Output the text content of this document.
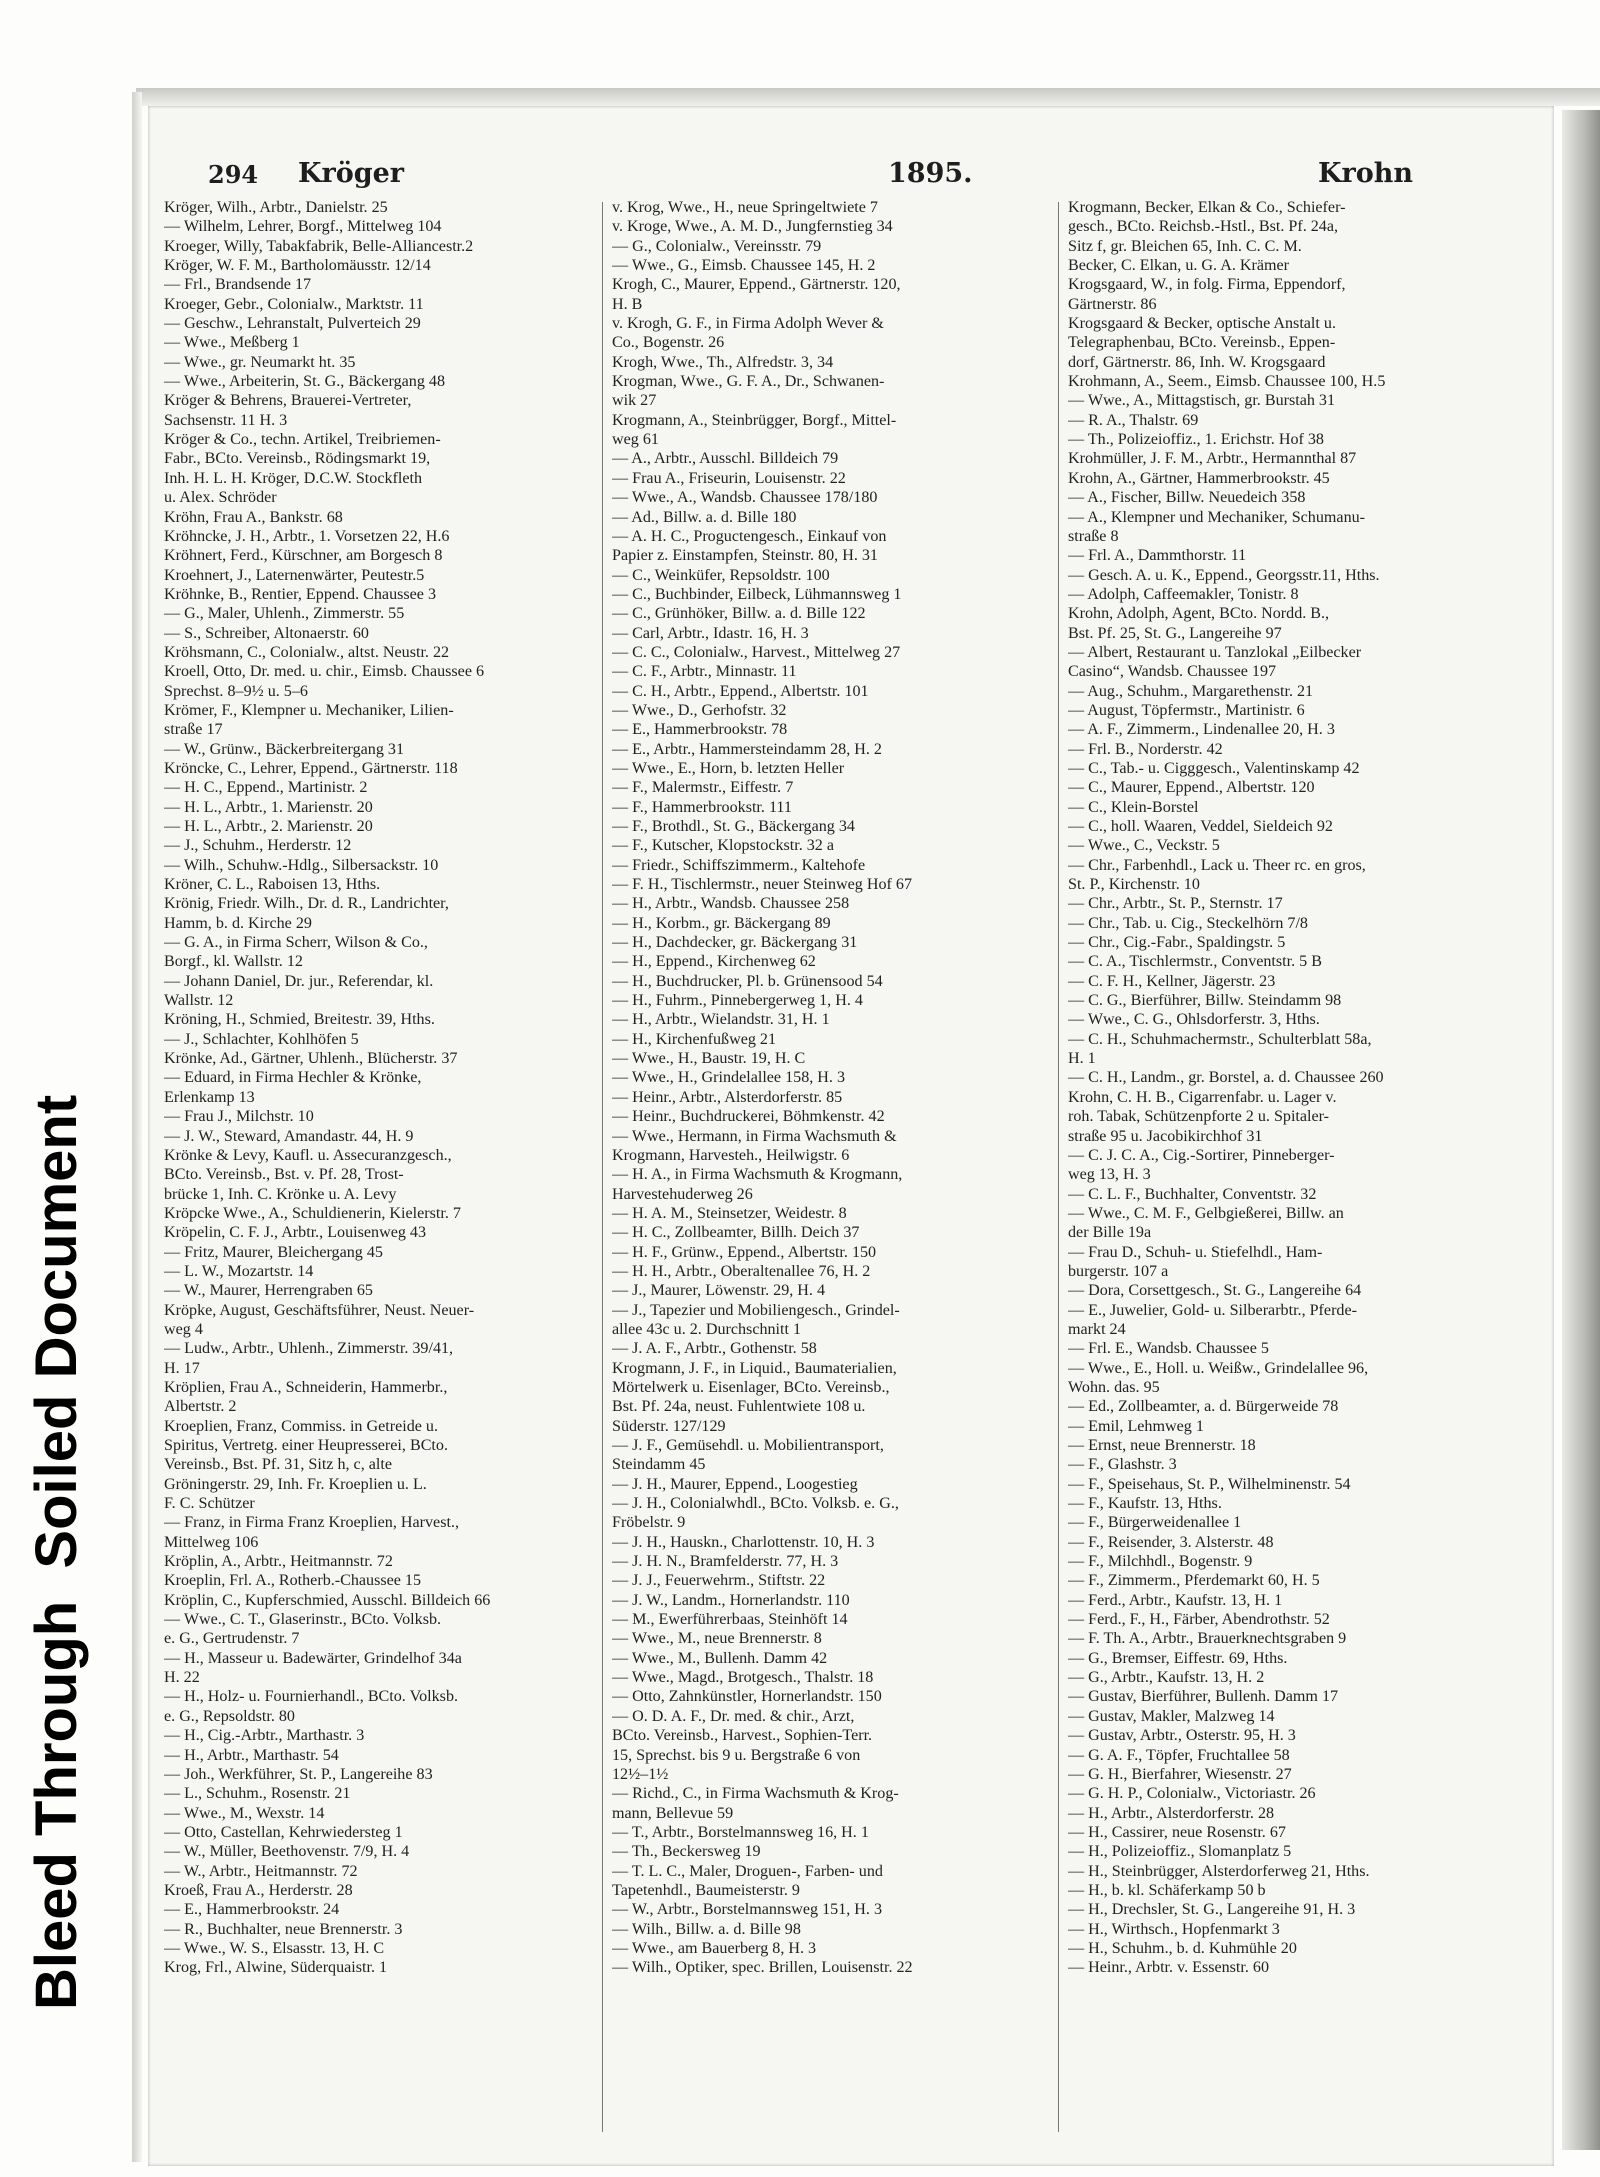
Bleed Through  Soiled Document
294 Kröger	1895.	Krohn
Kröger, Wilh., Arbtr., Danielstr. 25
— Wilhelm, Lehrer, Borgf., Mittelweg 104
Kroeger, Willy, Tabakfabrik, Belle-Alliancestr.2
Kröger, W. F. M., Bartholomäusstr. 12/14
— Frl., Brandsende 17
Kroeger, Gebr., Colonialw., Marktstr. 11
— Geschw., Lehranstalt, Pulverteich 29
— Wwe., Meßberg 1
— Wwe., gr. Neumarkt ht. 35
— Wwe., Arbeiterin, St. G., Bäckergang 48
Kröger & Behrens, Brauerei-Vertreter,
Sachsenstr. 11 H. 3
Kröger & Co., techn. Artikel, Treibriemen-
Fabr., BCto. Vereinsb., Rödingsmarkt 19,
Inh. H. L. H. Kröger, D.C.W. Stockfleth
u. Alex. Schröder
Kröhn, Frau A., Bankstr. 68
Kröhncke, J. H., Arbtr., 1. Vorsetzen 22, H.6
Kröhnert, Ferd., Kürschner, am Borgesch 8
Kroehnert, J., Laternenwärter, Peutestr.5
Kröhnke, B., Rentier, Eppend. Chaussee 3
— G., Maler, Uhlenh., Zimmerstr. 55
— S., Schreiber, Altonaerstr. 60
Kröhsmann, C., Colonialw., altst. Neustr. 22
Kroell, Otto, Dr. med. u. chir., Eimsb. Chaussee 6
Sprechst. 8–9½ u. 5–6
Krömer, F., Klempner u. Mechaniker, Lilien-
straße 17
— W., Grünw., Bäckerbreitergang 31
Kröncke, C., Lehrer, Eppend., Gärtnerstr. 118
— H. C., Eppend., Martinistr. 2
— H. L., Arbtr., 1. Marienstr. 20
— H. L., Arbtr., 2. Marienstr. 20
— J., Schuhm., Herderstr. 12
— Wilh., Schuhw.-Hdlg., Silbersackstr. 10
Kröner, C. L., Raboisen 13, Hths.
Krönig, Friedr. Wilh., Dr. d. R., Landrichter,
Hamm, b. d. Kirche 29
— G. A., in Firma Scherr, Wilson & Co.,
Borgf., kl. Wallstr. 12
— Johann Daniel, Dr. jur., Referendar, kl.
Wallstr. 12
Kröning, H., Schmied, Breitestr. 39, Hths.
— J., Schlachter, Kohlhöfen 5
Krönke, Ad., Gärtner, Uhlenh., Blücherstr. 37
— Eduard, in Firma Hechler & Krönke,
Erlenkamp 13
— Frau J., Milchstr. 10
— J. W., Steward, Amandastr. 44, H. 9
Krönke & Levy, Kaufl. u. Assecuranzgesch.,
BCto. Vereinsb., Bst. v. Pf. 28, Trost-
brücke 1, Inh. C. Krönke u. A. Levy
Kröpcke Wwe., A., Schuldienerin, Kielerstr. 7
Kröpelin, C. F. J., Arbtr., Louisenweg 43
— Fritz, Maurer, Bleichergang 45
— L. W., Mozartstr. 14
— W., Maurer, Herrengraben 65
Kröpke, August, Geschäftsführer, Neust. Neuer-
weg 4
— Ludw., Arbtr., Uhlenh., Zimmerstr. 39/41,
H. 17
Kröplien, Frau A., Schneiderin, Hammerbr.,
Albertstr. 2
Kroeplien, Franz, Commiss. in Getreide u.
Spiritus, Vertretg. einer Heupresserei, BCto.
Vereinsb., Bst. Pf. 31, Sitz h, c, alte
Gröningerstr. 29, Inh. Fr. Kroeplien u. L.
F. C. Schützer
— Franz, in Firma Franz Kroeplien, Harvest.,
Mittelweg 106
Kröplin, A., Arbtr., Heitmannstr. 72
Kroeplin, Frl. A., Rotherb.-Chaussee 15
Kröplin, C., Kupferschmied, Ausschl. Billdeich 66
— Wwe., C. T., Glaserinstr., BCto. Volksb.
e. G., Gertrudenstr. 7
— H., Masseur u. Badewärter, Grindelhof 34a
H. 22
— H., Holz- u. Fournierhandl., BCto. Volksb.
e. G., Repsoldstr. 80
— H., Cig.-Arbtr., Marthastr. 3
— H., Arbtr., Marthastr. 54
— Joh., Werkführer, St. P., Langereihe 83
— L., Schuhm., Rosenstr. 21
— Wwe., M., Wexstr. 14
— Otto, Castellan, Kehrwiedersteg 1
— W., Müller, Beethovenstr. 7/9, H. 4
— W., Arbtr., Heitmannstr. 72
Kroeß, Frau A., Herderstr. 28
— E., Hammerbrookstr. 24
— R., Buchhalter, neue Brennerstr. 3
— Wwe., W. S., Elsasstr. 13, H. C
Krog, Frl., Alwine, Süderquaistr. 1
v. Krog, Wwe., H., neue Springeltwiete 7
v. Kroge, Wwe., A. M. D., Jungfernstieg 34
— G., Colonialw., Vereinsstr. 79
— Wwe., G., Eimsb. Chaussee 145, H. 2
Krogh, C., Maurer, Eppend., Gärtnerstr. 120,
H. B
v. Krogh, G. F., in Firma Adolph Wever &
Co., Bogenstr. 26
Krogh, Wwe., Th., Alfredstr. 3, 34
Krogman, Wwe., G. F. A., Dr., Schwanen-
wik 27
Krogmann, A., Steinbrügger, Borgf., Mittel-
weg 61
— A., Arbtr., Ausschl. Billdeich 79
— Frau A., Friseurin, Louisenstr. 22
— Wwe., A., Wandsb. Chaussee 178/180
— Ad., Billw. a. d. Bille 180
— A. H. C., Proguctengesch., Einkauf von
Papier z. Einstampfen, Steinstr. 80, H. 31
— C., Weinküfer, Repsoldstr. 100
— C., Buchbinder, Eilbeck, Lühmannsweg 1
— C., Grünhöker, Billw. a. d. Bille 122
— Carl, Arbtr., Idastr. 16, H. 3
— C. C., Colonialw., Harvest., Mittelweg 27
— C. F., Arbtr., Minnastr. 11
— C. H., Arbtr., Eppend., Albertstr. 101
— Wwe., D., Gerhofstr. 32
— E., Hammerbrookstr. 78
— E., Arbtr., Hammersteindamm 28, H. 2
— Wwe., E., Horn, b. letzten Heller
— F., Malermstr., Eiffestr. 7
— F., Hammerbrookstr. 111
— F., Brothdl., St. G., Bäckergang 34
— F., Kutscher, Klopstockstr. 32 a
— Friedr., Schiffszimmerm., Kaltehofe
— F. H., Tischlermstr., neuer Steinweg Hof 67
— H., Arbtr., Wandsb. Chaussee 258
— H., Korbm., gr. Bäckergang 89
— H., Dachdecker, gr. Bäckergang 31
— H., Eppend., Kirchenweg 62
— H., Buchdrucker, Pl. b. Grünensood 54
— H., Fuhrm., Pinnebergerweg 1, H. 4
— H., Arbtr., Wielandstr. 31, H. 1
— H., Kirchenfußweg 21
— Wwe., H., Baustr. 19, H. C
— Wwe., H., Grindelallee 158, H. 3
— Heinr., Arbtr., Alsterdorferstr. 85
— Heinr., Buchdruckerei, Böhmkenstr. 42
— Wwe., Hermann, in Firma Wachsmuth &
Krogmann, Harvesteh., Heilwigstr. 6
— H. A., in Firma Wachsmuth & Krogmann,
Harvestehuderweg 26
— H. A. M., Steinsetzer, Weidestr. 8
— H. C., Zollbeamter, Billh. Deich 37
— H. F., Grünw., Eppend., Albertstr. 150
— H. H., Arbtr., Oberaltenallee 76, H. 2
— J., Maurer, Löwenstr. 29, H. 4
— J., Tapezier und Mobiliengesch., Grindel-
allee 43c u. 2. Durchschnitt 1
— J. A. F., Arbtr., Gothenstr. 58
Krogmann, J. F., in Liquid., Baumaterialien,
Mörtelwerk u. Eisenlager, BCto. Vereinsb.,
Bst. Pf. 24a, neust. Fuhlentwiete 108 u.
Süderstr. 127/129
— J. F., Gemüsehdl. u. Mobilientransport,
Steindamm 45
— J. H., Maurer, Eppend., Loogestieg
— J. H., Colonialwhdl., BCto. Volksb. e. G.,
Fröbelstr. 9
— J. H., Hauskn., Charlottenstr. 10, H. 3
— J. H. N., Bramfelderstr. 77, H. 3
— J. J., Feuerwehrm., Stiftstr. 22
— J. W., Landm., Hornerlandstr. 110
— M., Ewerführerbaas, Steinhöft 14
— Wwe., M., neue Brennerstr. 8
— Wwe., M., Bullenh. Damm 42
— Wwe., Magd., Brotgesch., Thalstr. 18
— Otto, Zahnkünstler, Hornerlandstr. 150
— O. D. A. F., Dr. med. & chir., Arzt,
BCto. Vereinsb., Harvest., Sophien-Terr.
15, Sprechst. bis 9 u. Bergstraße 6 von
12½–1½
— Richd., C., in Firma Wachsmuth & Krog-
mann, Bellevue 59
— T., Arbtr., Borstelmannsweg 16, H. 1
— Th., Beckersweg 19
— T. L. C., Maler, Droguen-, Farben- und
Tapetenhdl., Baumeisterstr. 9
— W., Arbtr., Borstelmannsweg 151, H. 3
— Wilh., Billw. a. d. Bille 98
— Wwe., am Bauerberg 8, H. 3
— Wilh., Optiker, spec. Brillen, Louisenstr. 22
Krogmann, Becker, Elkan & Co., Schiefer-
gesch., BCto. Reichsb.-Hstl., Bst. Pf. 24a,
Sitz f, gr. Bleichen 65, Inh. C. C. M.
Becker, C. Elkan, u. G. A. Krämer
Krogsgaard, W., in folg. Firma, Eppendorf,
Gärtnerstr. 86
Krogsgaard & Becker, optische Anstalt u.
Telegraphenbau, BCto. Vereinsb., Eppen-
dorf, Gärtnerstr. 86, Inh. W. Krogsgaard
Krohmann, A., Seem., Eimsb. Chaussee 100, H.5
— Wwe., A., Mittagstisch, gr. Burstah 31
— R. A., Thalstr. 69
— Th., Polizeioffiz., 1. Erichstr. Hof 38
Krohmüller, J. F. M., Arbtr., Hermannthal 87
Krohn, A., Gärtner, Hammerbrookstr. 45
— A., Fischer, Billw. Neuedeich 358
— A., Klempner und Mechaniker, Schumanu-
straße 8
— Frl. A., Dammthorstr. 11
— Gesch. A. u. K., Eppend., Georgsstr.11, Hths.
— Adolph, Caffeemakler, Tonistr. 8
Krohn, Adolph, Agent, BCto. Nordd. B.,
Bst. Pf. 25, St. G., Langereihe 97
— Albert, Restaurant u. Tanzlokal „Eilbecker
Casino“, Wandsb. Chaussee 197
— Aug., Schuhm., Margarethenstr. 21
— August, Töpfermstr., Martinistr. 6
— A. F., Zimmerm., Lindenallee 20, H. 3
— Frl. B., Norderstr. 42
— C., Tab.- u. Cigggesch., Valentinskamp 42
— C., Maurer, Eppend., Albertstr. 120
— C., Klein-Borstel
— C., holl. Waaren, Veddel, Sieldeich 92
— Wwe., C., Veckstr. 5
— Chr., Farbenhdl., Lack u. Theer rc. en gros,
St. P., Kirchenstr. 10
— Chr., Arbtr., St. P., Sternstr. 17
— Chr., Tab. u. Cig., Steckelhörn 7/8
— Chr., Cig.-Fabr., Spaldingstr. 5
— C. A., Tischlermstr., Conventstr. 5 B
— C. F. H., Kellner, Jägerstr. 23
— C. G., Bierführer, Billw. Steindamm 98
— Wwe., C. G., Ohlsdorferstr. 3, Hths.
— C. H., Schuhmachermstr., Schulterblatt 58a,
H. 1
— C. H., Landm., gr. Borstel, a. d. Chaussee 260
Krohn, C. H. B., Cigarrenfabr. u. Lager v.
roh. Tabak, Schützenpforte 2 u. Spitaler-
straße 95 u. Jacobikirchhof 31
— C. J. C. A., Cig.-Sortirer, Pinneberger-
weg 13, H. 3
— C. L. F., Buchhalter, Conventstr. 32
— Wwe., C. M. F., Gelbgießerei, Billw. an
der Bille 19a
— Frau D., Schuh- u. Stiefelhdl., Ham-
burgerstr. 107 a
— Dora, Corsettgesch., St. G., Langereihe 64
— E., Juwelier, Gold- u. Silberarbtr., Pferde-
markt 24
— Frl. E., Wandsb. Chaussee 5
— Wwe., E., Holl. u. Weißw., Grindelallee 96,
Wohn. das. 95
— Ed., Zollbeamter, a. d. Bürgerweide 78
— Emil, Lehmweg 1
— Ernst, neue Brennerstr. 18
— F., Glashstr. 3
— F., Speisehaus, St. P., Wilhelminenstr. 54
— F., Kaufstr. 13, Hths.
— F., Bürgerweidenallee 1
— F., Reisender, 3. Alsterstr. 48
— F., Milchhdl., Bogenstr. 9
— F., Zimmerm., Pferdemarkt 60, H. 5
— Ferd., Arbtr., Kaufstr. 13, H. 1
— Ferd., F., H., Färber, Abendrothstr. 52
— F. Th. A., Arbtr., Brauerknechtsgraben 9
— G., Bremser, Eiffestr. 69, Hths.
— G., Arbtr., Kaufstr. 13, H. 2
— Gustav, Bierführer, Bullenh. Damm 17
— Gustav, Makler, Malzweg 14
— Gustav, Arbtr., Osterstr. 95, H. 3
— G. A. F., Töpfer, Fruchtallee 58
— G. H., Bierfahrer, Wiesenstr. 27
— G. H. P., Colonialw., Victoriastr. 26
— H., Arbtr., Alsterdorferstr. 28
— H., Cassirer, neue Rosenstr. 67
— H., Polizeioffiz., Slomanplatz 5
— H., Steinbrügger, Alsterdorferweg 21, Hths.
— H., b. kl. Schäferkamp 50 b
— H., Drechsler, St. G., Langereihe 91, H. 3
— H., Wirthsch., Hopfenmarkt 3
— H., Schuhm., b. d. Kuhmühle 20
— Heinr., Arbtr. v. Essenstr. 60
